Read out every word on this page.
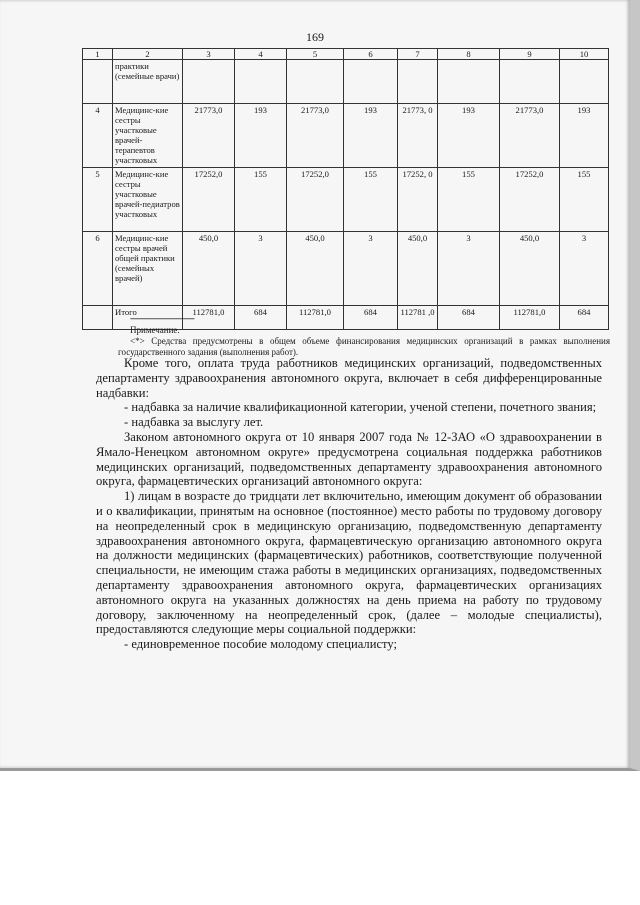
169
1	2	3	4	5	6	7	8	9	10
	практики (семейные врачи)								
4	Медицинс-кие сестры участковые врачей-терапевтов участковых	21773,0	193	21773,0	193	21773, 0	193	21773,0	193
5	Медицинс-кие сестры участковые врачей-педиатров участковых	17252,0	155	17252,0	155	17252, 0	155	17252,0	155
6	Медицинс-кие сестры врачей общей практики (семейных врачей)	450,0	3	450,0	3	450,0	3	450,0	3
	Итого	112781,0	684	112781,0	684	112781 ,0	684	112781,0	684
--------------------------------
Примечание.
<*> Средства предусмотрены в общем объеме финансирования медицинских организаций в рамках выполнения государственного задания (выполнения работ).

Кроме того, оплата труда работников медицинских организаций, подведомственных департаменту здравоохранения автономного округа, включает в себя дифференцированные надбавки:

- надбавка за наличие квалификационной категории, ученой степени, почетного звания;

- надбавка за выслугу лет.

Законом автономного округа от 10 января 2007 года № 12-ЗАО «О здравоохранении в Ямало-Ненецком автономном округе» предусмотрена социальная поддержка работников медицинских организаций, подведомственных департаменту здравоохранения автономного округа, фармацевтических организаций автономного округа:

1) лицам в возрасте до тридцати лет включительно, имеющим документ об образовании и о квалификации, принятым на основное (постоянное) место работы по трудовому договору на неопределенный срок в медицинскую организацию, подведомственную департаменту здравоохранения автономного округа, фармацевтическую организацию автономного округа на должности медицинских (фармацевтических) работников, соответствующие полученной специальности, не имеющим стажа работы в медицинских организациях, подведомственных департаменту здравоохранения автономного округа, фармацевтических организациях автономного округа на указанных должностях на день приема на работу по трудовому договору, заключенному на неопределенный срок, (далее – молодые специалисты), предоставляются следующие меры социальной поддержки:

- единовременное пособие молодому специалисту;
